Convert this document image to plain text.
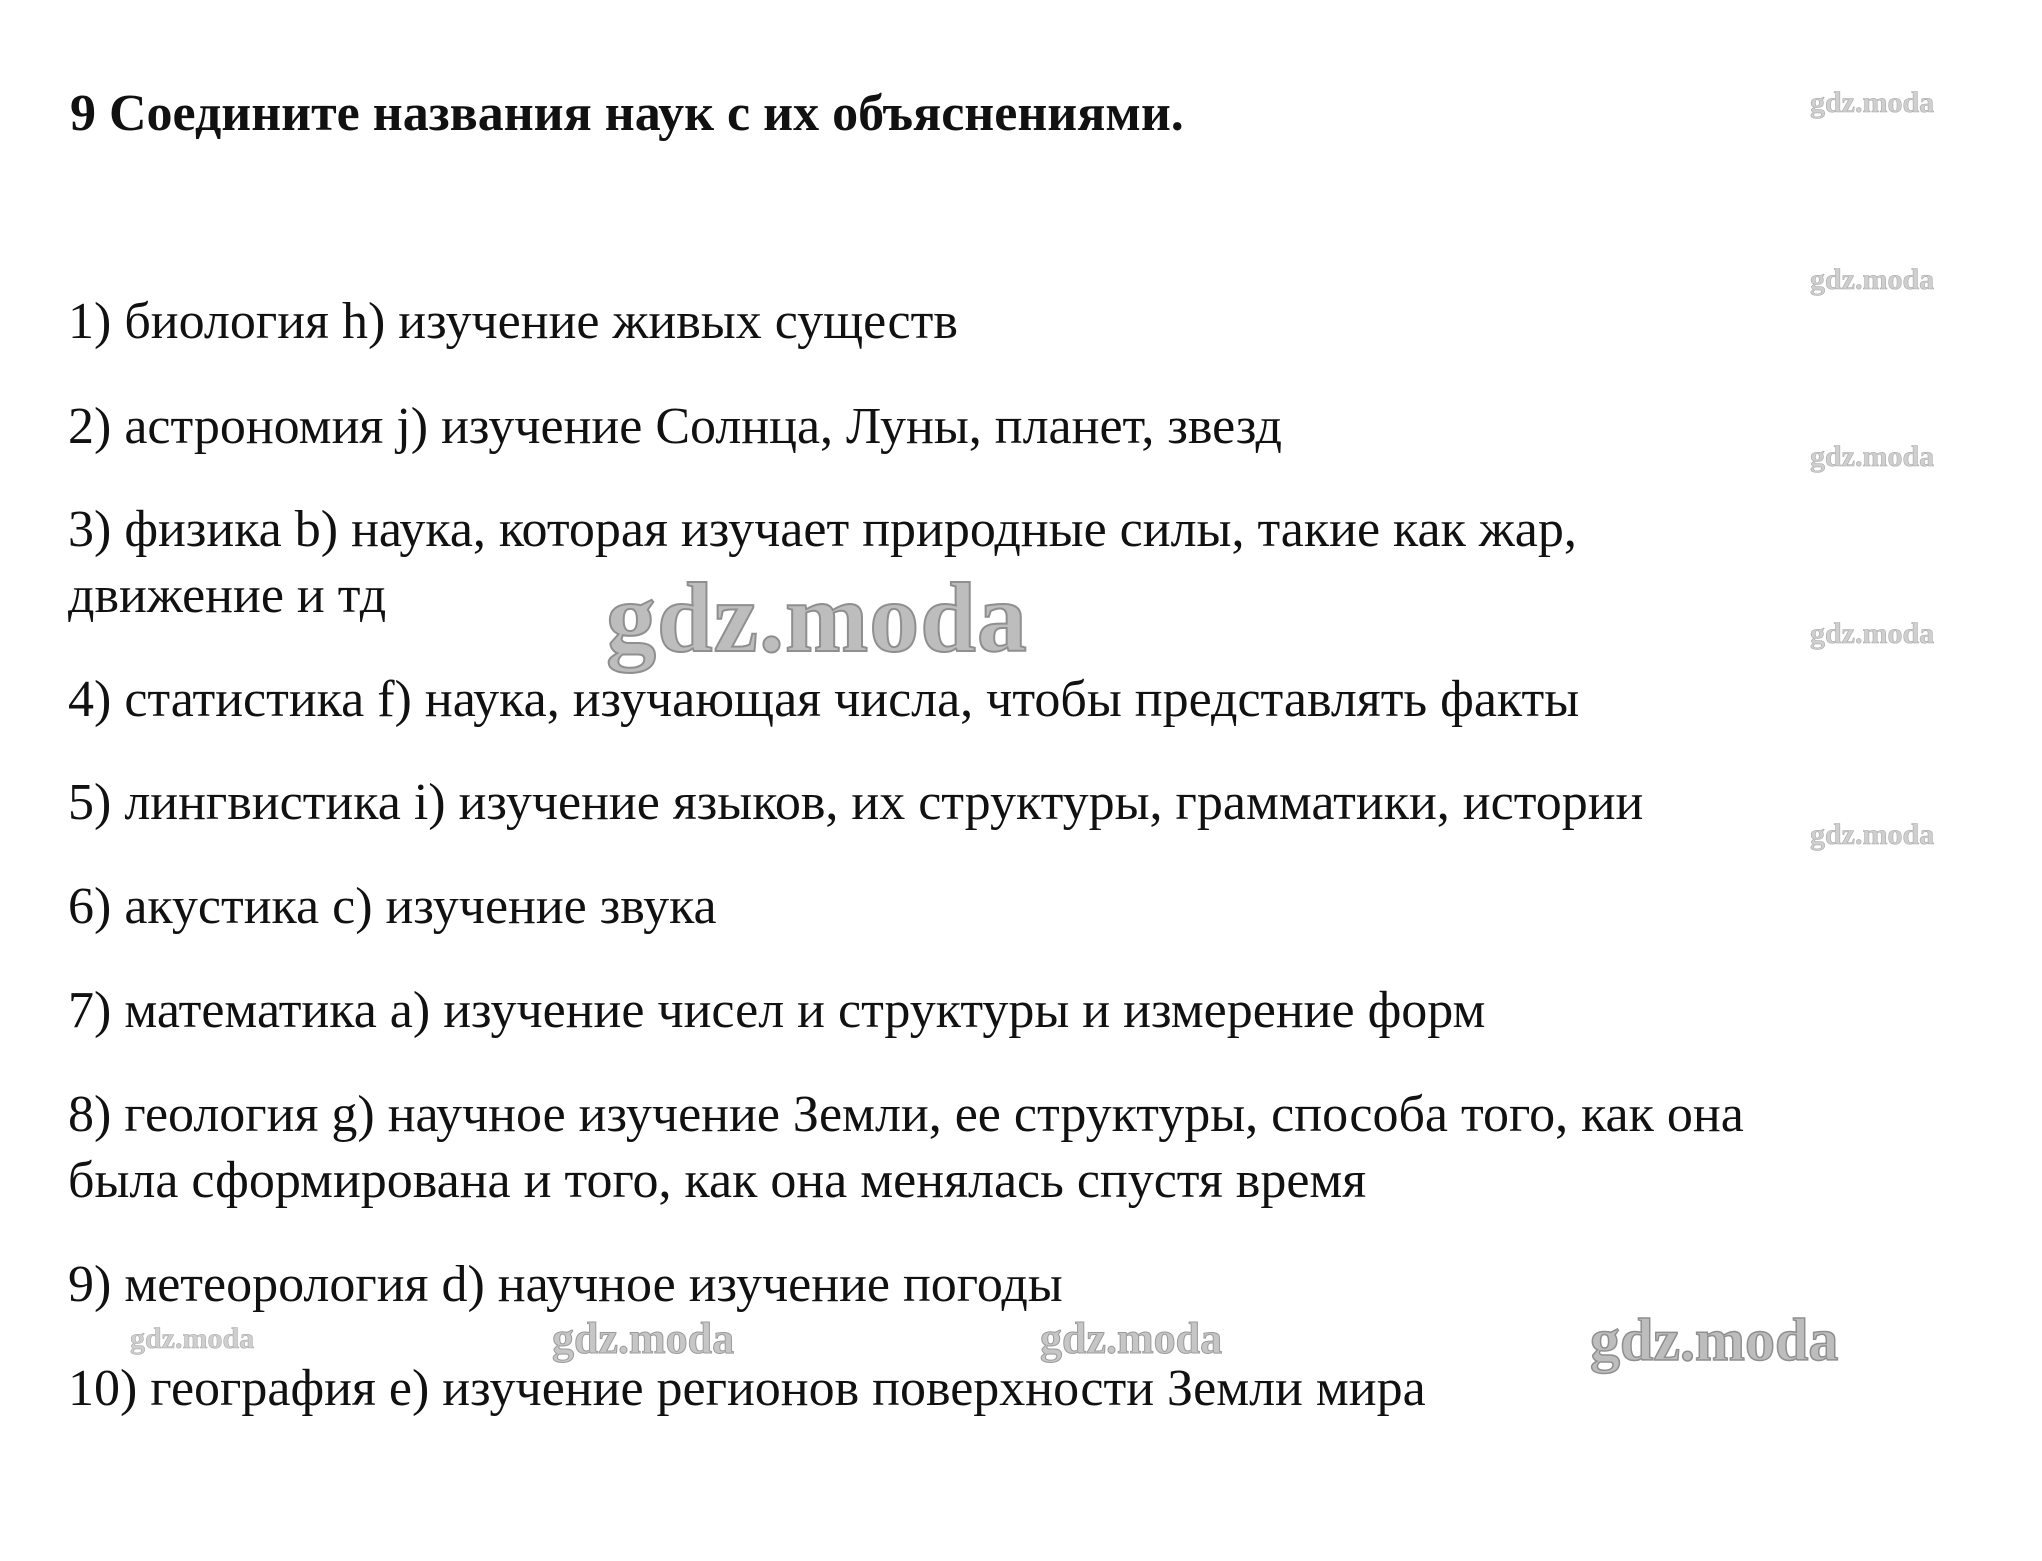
9 Соедините названия наук с их объяснениями.
1) биология h) изучение живых существ
2) астрономия j) изучение Солнца, Луны, планет, звезд
3) физика b) наука, которая изучает природные силы, такие как жар,
движение и тд
4) статистика f) наука, изучающая числа, чтобы представлять факты
5) лингвистика i) изучение языков, их структуры, грамматики, истории
6) акустика c) изучение звука
7) математика a) изучение чисел и структуры и измерение форм
8) геология g) научное изучение Земли, ее структуры, способа того, как она
была сформирована и того, как она менялась спустя время
9) метеорология d) научное изучение погоды
10) география e) изучение регионов поверхности Земли мира
gdz.moda
gdz.moda
gdz.moda
gdz.moda
gdz.moda
gdz.moda
gdz.moda	gdz.moda	gdz.moda	gdz.moda
